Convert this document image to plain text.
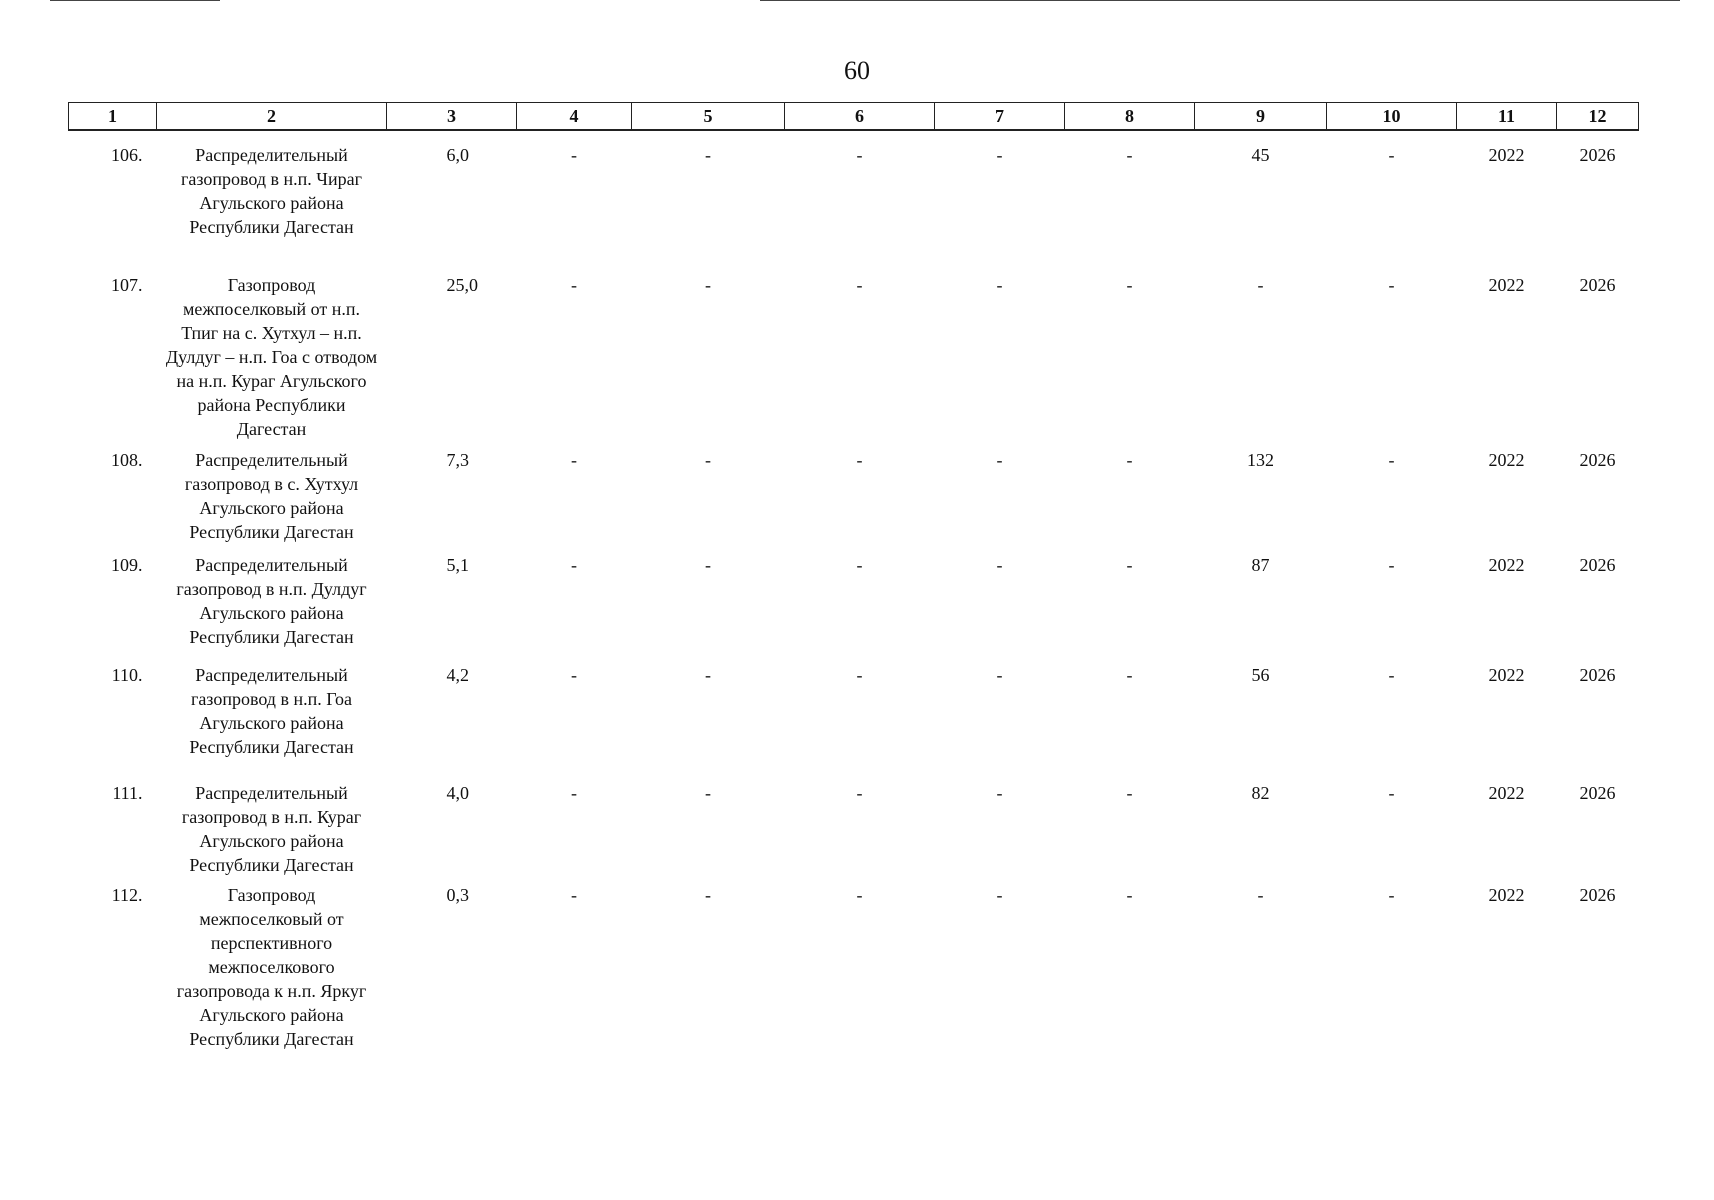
60
1	2	3	4	5	6	7	8	9	10	11	12

106.	Распределительный газопровод в н.п. Чираг Агульского района Республики Дагестан	6,0	-	-	-	-	-	45	-	2022	2026
107.	Газопровод межпоселковый от н.п. Тпиг на с. Хутхул – н.п. Дулдуг – н.п. Гоа с отводом на н.п. Кураг Агульского района Республики Дагестан	25,0	-	-	-	-	-	-	-	2022	2026
108.	Распределительный газопровод в с. Хутхул Агульского района Республики Дагестан	7,3	-	-	-	-	-	132	-	2022	2026
109.	Распределительный газопровод в н.п. Дулдуг Агульского района Республики Дагестан	5,1	-	-	-	-	-	87	-	2022	2026
110.	Распределительный газопровод в н.п. Гоа Агульского района Республики Дагестан	4,2	-	-	-	-	-	56	-	2022	2026
111.	Распределительный газопровод в н.п. Кураг Агульского района Республики Дагестан	4,0	-	-	-	-	-	82	-	2022	2026
112.	Газопровод межпоселковый от перспективного межпоселкового газопровода к н.п. Яркуг Агульского района Республики Дагестан	0,3	-	-	-	-	-	-	-	2022	2026
